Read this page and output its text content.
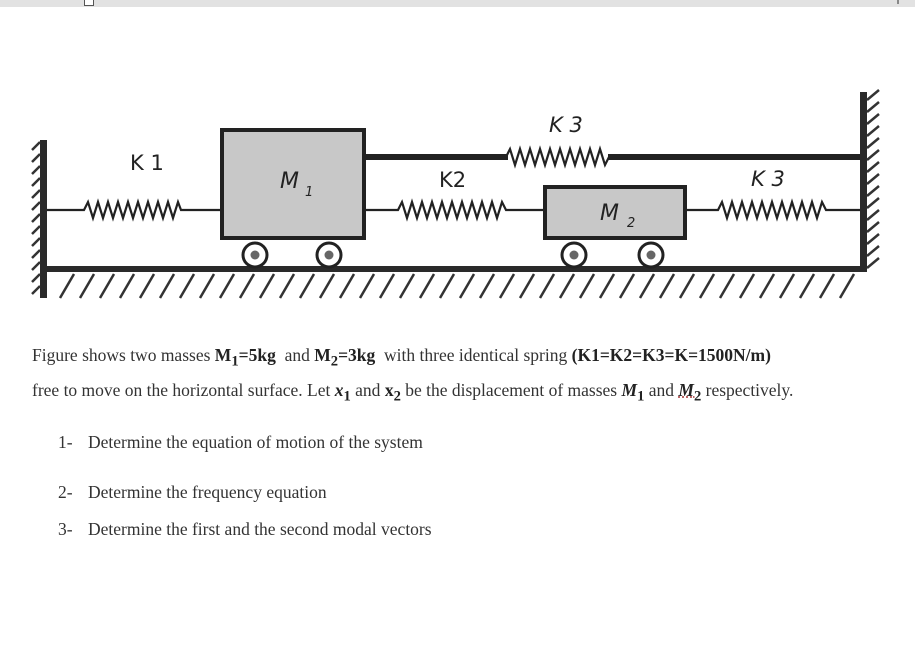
K 1
K2
K 3
K 3
M 1
M 2
Figure shows two masses $M_1=5kg$  and $M_2=3kg$  with three identical spring (K1=K2=K3=K=1500N/m)
free to move on the horizontal surface. Let $x_1$ and $x_2$ be the displacement of masses $M_1$ and $M_2$ respectively.
1- Determine the equation of motion of the system
2- Determine the frequency equation
3- Determine the first and the second modal vectors
